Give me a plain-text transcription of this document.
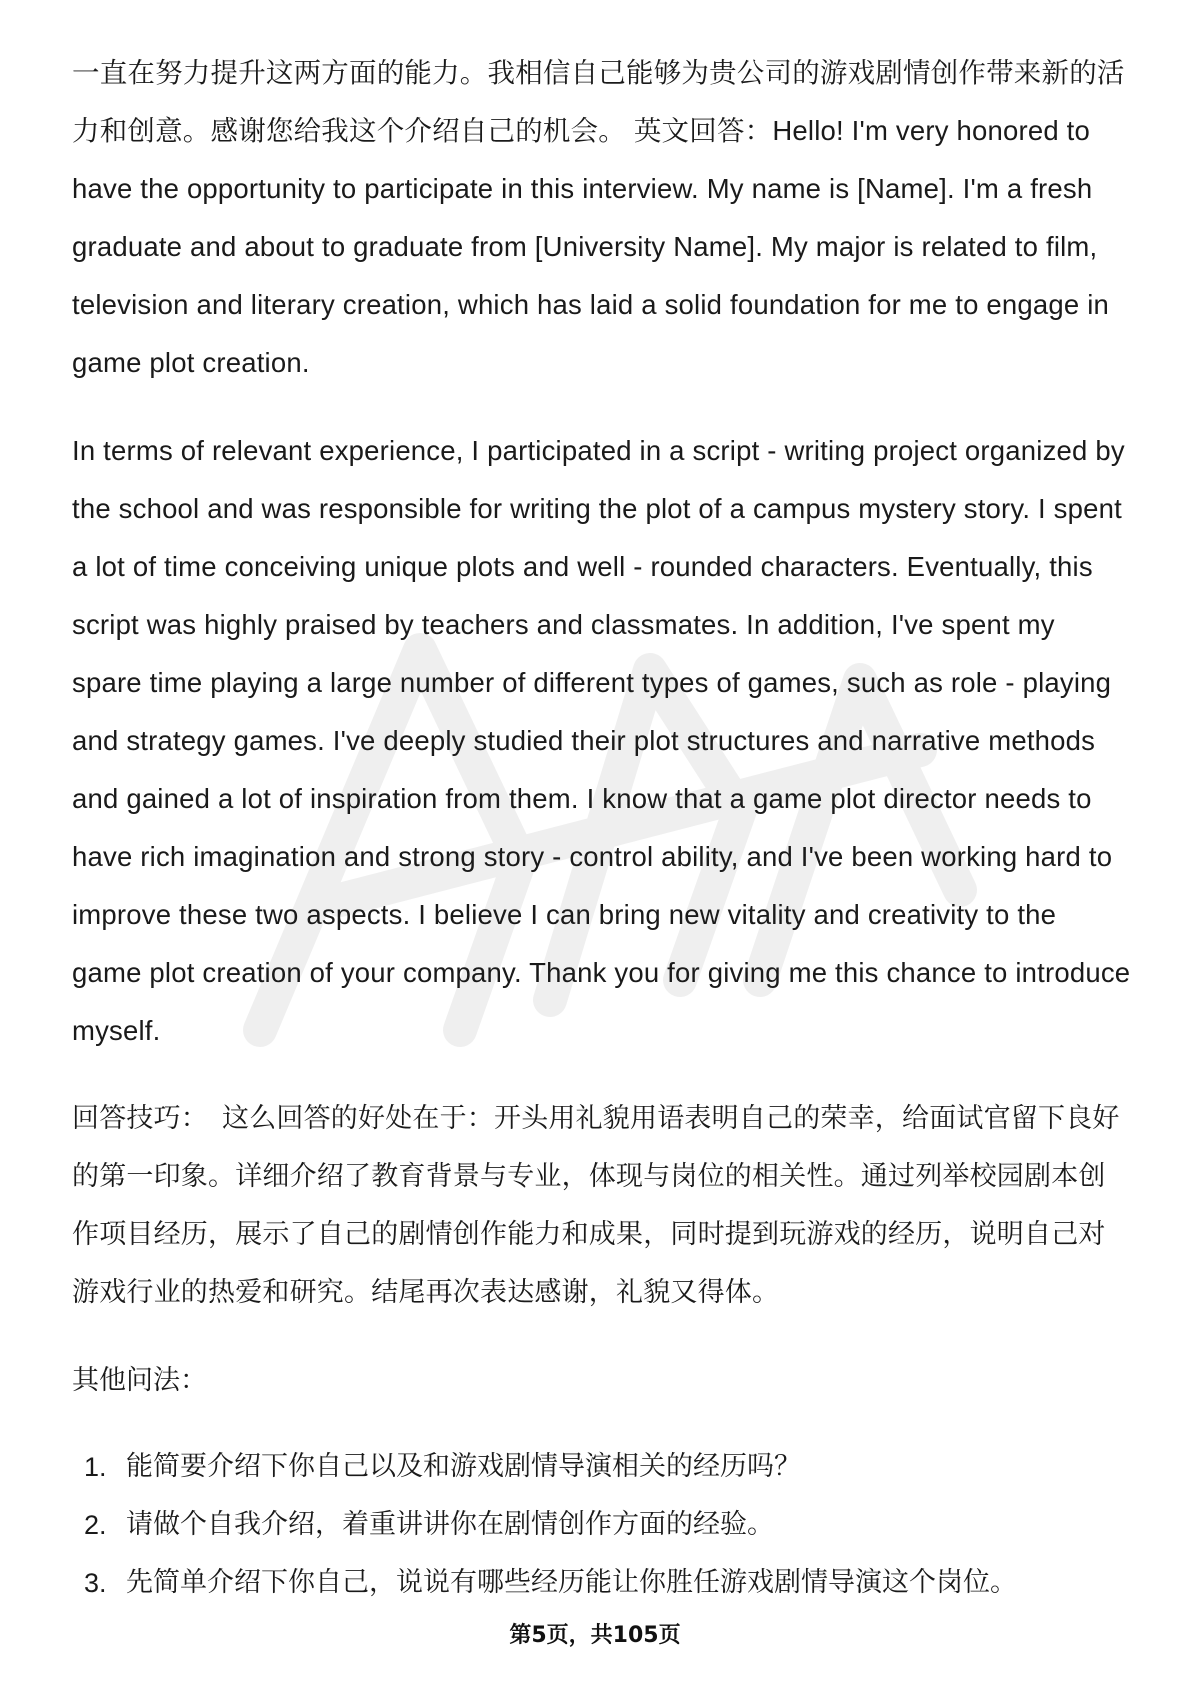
一直在努力提升这两方面的能力。我相信自己能够为贵公司的游戏剧情创作带来新的活力和创意。感谢您给我这个介绍自己的机会。 英文回答：Hello! I'm very honored to have the opportunity to participate in this interview. My name is [Name]. I'm a fresh graduate and about to graduate from [University Name]. My major is related to film, television and literary creation, which has laid a solid foundation for me to engage in game plot creation.

In terms of relevant experience, I participated in a script - writing project organized by the school and was responsible for writing the plot of a campus mystery story. I spent a lot of time conceiving unique plots and well - rounded characters. Eventually, this script was highly praised by teachers and classmates. In addition, I've spent my spare time playing a large number of different types of games, such as role - playing and strategy games. I've deeply studied their plot structures and narrative methods and gained a lot of inspiration from them. I know that a game plot director needs to have rich imagination and strong story - control ability, and I've been working hard to improve these two aspects. I believe I can bring new vitality and creativity to the game plot creation of your company. Thank you for giving me this chance to introduce myself.

回答技巧： 这么回答的好处在于：开头用礼貌用语表明自己的荣幸，给面试官留下良好的第一印象。详细介绍了教育背景与专业，体现与岗位的相关性。通过列举校园剧本创作项目经历，展示了自己的剧情创作能力和成果，同时提到玩游戏的经历，说明自己对游戏行业的热爱和研究。结尾再次表达感谢，礼貌又得体。

其他问法：

1. 能简要介绍下你自己以及和游戏剧情导演相关的经历吗？
2. 请做个自我介绍，着重讲讲你在剧情创作方面的经验。
3. 先简单介绍下你自己，说说有哪些经历能让你胜任游戏剧情导演这个岗位。
第5页，共105页
